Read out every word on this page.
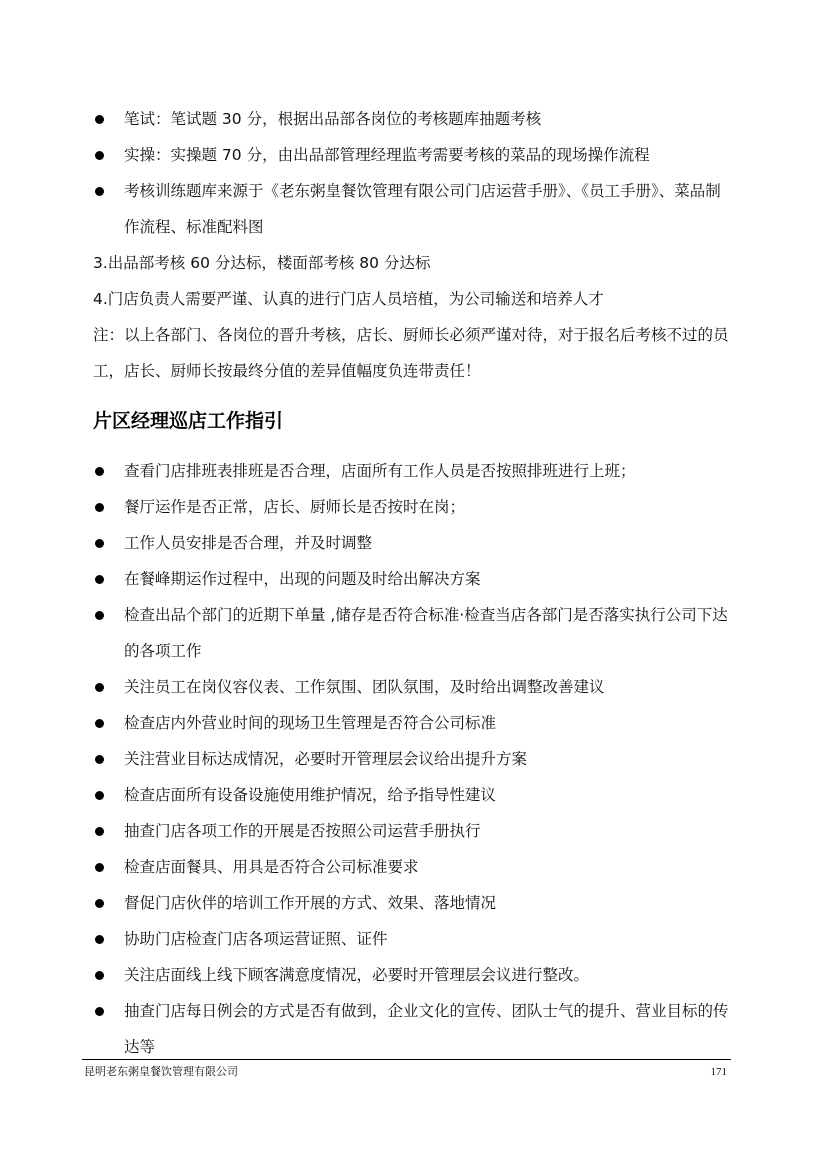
笔试：笔试题 30 分，根据出品部各岗位的考核题库抽题考核
实操：实操题 70 分，由出品部管理经理监考需要考核的菜品的现场操作流程
考核训练题库来源于《老东粥皇餐饮管理有限公司门店运营手册》、《员工手册》、菜品制作流程、标准配料图

3.出品部考核 60 分达标，楼面部考核 80 分达标

4.门店负责人需要严谨、认真的进行门店人员培植，为公司输送和培养人才

注：以上各部门、各岗位的晋升考核，店长、厨师长必须严谨对待，对于报名后考核不过的员工，店长、厨师长按最终分值的差异值幅度负连带责任！

片区经理巡店工作指引
查看门店排班表排班是否合理，店面所有工作人员是否按照排班进行上班；
餐厅运作是否正常，店长、厨师长是否按时在岗；
工作人员安排是否合理，并及时调整
在餐峰期运作过程中，出现的问题及时给出解决方案
检查出品个部门的近期下单量 ,储存是否符合标准·检查当店各部门是否落实执行公司下达的各项工作
关注员工在岗仪容仪表、工作氛围、团队氛围，及时给出调整改善建议
检查店内外营业时间的现场卫生管理是否符合公司标准
关注营业目标达成情况，必要时开管理层会议给出提升方案
检查店面所有设备设施使用维护情况，给予指导性建议
抽查门店各项工作的开展是否按照公司运营手册执行
检查店面餐具、用具是否符合公司标准要求
督促门店伙伴的培训工作开展的方式、效果、落地情况
协助门店检查门店各项运营证照、证件
关注店面线上线下顾客满意度情况，必要时开管理层会议进行整改。
抽查门店每日例会的方式是否有做到，企业文化的宣传、团队士气的提升、营业目标的传达等
昆明老东粥皇餐饮管理有限公司	171
